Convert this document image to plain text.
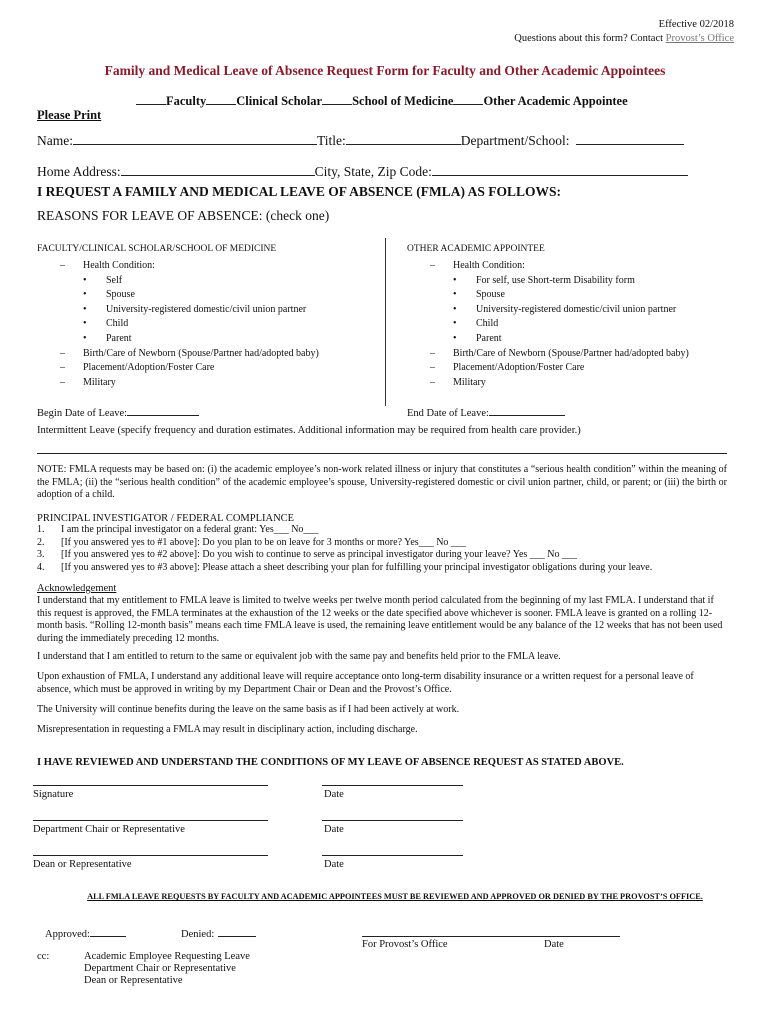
Effective 02/2018
Questions about this form? Contact Provost’s Office
Family and Medical Leave of Absence Request Form for Faculty and Other Academic Appointees
Faculty Clinical Scholar School of Medicine Other Academic Appointee
Please Print
Name:	Title:	Department/School:
Home Address:	City, State, Zip Code:
I REQUEST A FAMILY AND MEDICAL LEAVE OF ABSENCE (FMLA) AS FOLLOWS:
REASONS FOR LEAVE OF ABSENCE: (check one)
FACULTY/CLINICAL SCHOLAR/SCHOOL OF MEDICINE	OTHER ACADEMIC APPOINTEE
– Health Condition:
• Self
• Spouse
• University-registered domestic/civil union partner
• Child
• Parent
– Birth/Care of Newborn (Spouse/Partner had/adopted baby)
– Placement/Adoption/Foster Care
– Military
– Health Condition:
• For self, use Short-term Disability form
• Spouse
• University-registered domestic/civil union partner
• Child
• Parent
– Birth/Care of Newborn (Spouse/Partner had/adopted baby)
– Placement/Adoption/Foster Care
– Military
Begin Date of Leave:	End Date of Leave:
Intermittent Leave (specify frequency and duration estimates. Additional information may be required from health care provider.)
NOTE: FMLA requests may be based on: (i) the academic employee’s non-work related illness or injury that constitutes a “serious health condition” within the meaning of the FMLA; (ii) the “serious health condition” of the academic employee’s spouse, University-registered domestic or civil union partner, child, or parent; or (iii) the birth or adoption of a child.
PRINCIPAL INVESTIGATOR / FEDERAL COMPLIANCE
1. I am the principal investigator on a federal grant: Yes___ No___
2. [If you answered yes to #1 above]: Do you plan to be on leave for 3 months or more? Yes___ No ___
3. [If you answered yes to #2 above]: Do you wish to continue to serve as principal investigator during your leave? Yes ___ No ___
4. [If you answered yes to #3 above]: Please attach a sheet describing your plan for fulfilling your principal investigator obligations during your leave.
Acknowledgement
I understand that my entitlement to FMLA leave is limited to twelve weeks per twelve month period calculated from the beginning of my last FMLA. I understand that if this request is approved, the FMLA terminates at the exhaustion of the 12 weeks or the date specified above whichever is sooner. FMLA leave is granted on a rolling 12-month basis. “Rolling 12-month basis” means each time FMLA leave is used, the remaining leave entitlement would be any balance of the 12 weeks that has not been used during the immediately preceding 12 months.
I understand that I am entitled to return to the same or equivalent job with the same pay and benefits held prior to the FMLA leave.
Upon exhaustion of FMLA, I understand any additional leave will require acceptance onto long-term disability insurance or a written request for a personal leave of absence, which must be approved in writing by my Department Chair or Dean and the Provost’s Office.
The University will continue benefits during the leave on the same basis as if I had been actively at work.
Misrepresentation in requesting a FMLA may result in disciplinary action, including discharge.
I HAVE REVIEWED AND UNDERSTAND THE CONDITIONS OF MY LEAVE OF ABSENCE REQUEST AS STATED ABOVE.
Signature	Date
Department Chair or Representative	Date
Dean or Representative	Date
ALL FMLA LEAVE REQUESTS BY FACULTY AND ACADEMIC APPOINTEES MUST BE REVIEWED AND APPROVED OR DENIED BY THE PROVOST’S OFFICE.
Approved:	Denied:
For Provost’s Office	Date
cc:	Academic Employee Requesting Leave
Department Chair or Representative
Dean or Representative
